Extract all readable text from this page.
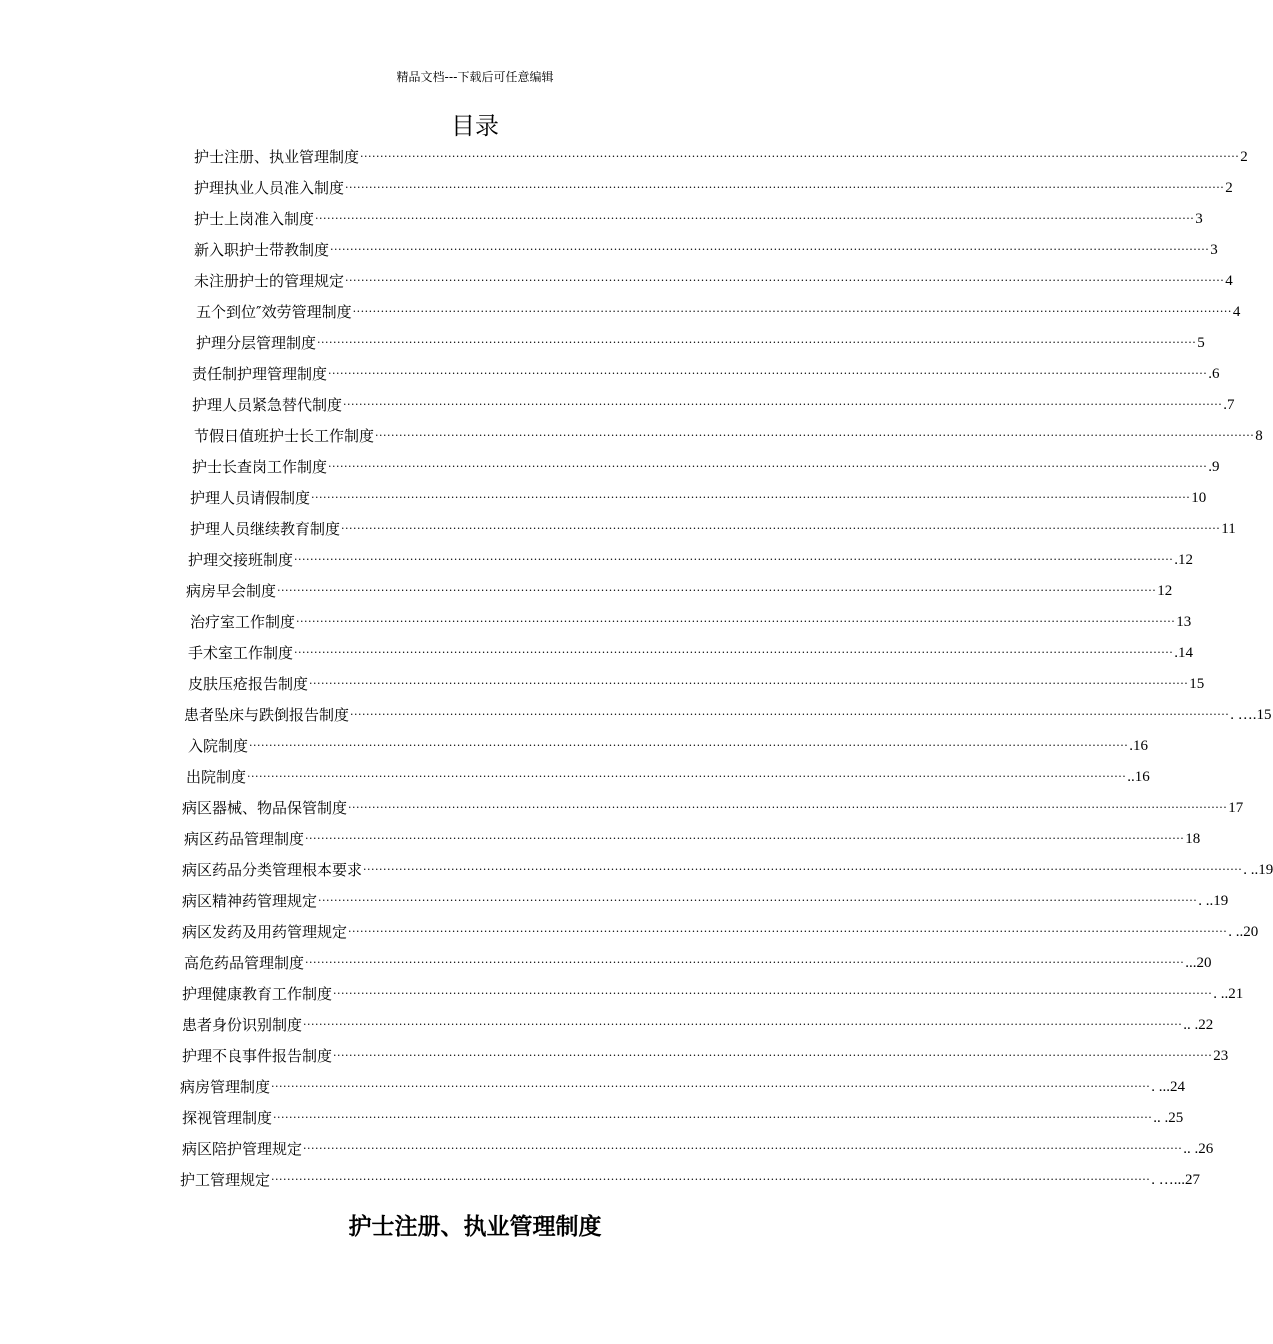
精品文档---下载后可任意编辑
目录
护士注册、执业管理制度 ···························································································································································································································· 2
护理执业人员准入制度 ···························································································································································································································· 2
护士上岗准入制度 ···························································································································································································································· 3
新入职护士带教制度 ···························································································································································································································· 3
未注册护士的管理规定 ···························································································································································································································· 4
五个到位″效劳管理制度 ···························································································································································································································· 4
护理分层管理制度 ···························································································································································································································· 5
责任制护理管理制度 ···························································································································································································································· .6
护理人员紧急替代制度 ···························································································································································································································· .7
节假日值班护士长工作制度 ···························································································································································································································· 8
护士长查岗工作制度 ···························································································································································································································· .9
护理人员请假制度 ···························································································································································································································· 10
护理人员继续教育制度 ···························································································································································································································· 11
护理交接班制度 ···························································································································································································································· .12
病房早会制度 ···························································································································································································································· 12
治疗室工作制度 ···························································································································································································································· 13
手术室工作制度 ···························································································································································································································· .14
皮肤压疮报告制度 ···························································································································································································································· 15
患者坠床与跌倒报告制度 ···························································································································································································································· . ….15
入院制度 ···························································································································································································································· .16
出院制度 ···························································································································································································································· ..16
病区器械、物品保管制度 ···························································································································································································································· 17
病区药品管理制度 ···························································································································································································································· 18
病区药品分类管理根本要求 ···························································································································································································································· . ..19
病区精神药管理规定 ···························································································································································································································· . ..19
病区发药及用药管理规定 ···························································································································································································································· . ..20
高危药品管理制度 ···························································································································································································································· ...20
护理健康教育工作制度 ···························································································································································································································· . ..21
患者身份识别制度 ···························································································································································································································· .. .22
护理不良事件报告制度 ···························································································································································································································· 23
病房管理制度 ···························································································································································································································· . ...24
探视管理制度 ···························································································································································································································· .. .25
病区陪护管理规定 ···························································································································································································································· .. .26
护工管理规定 ···························································································································································································································· . …...27
护士注册、执业管理制度
